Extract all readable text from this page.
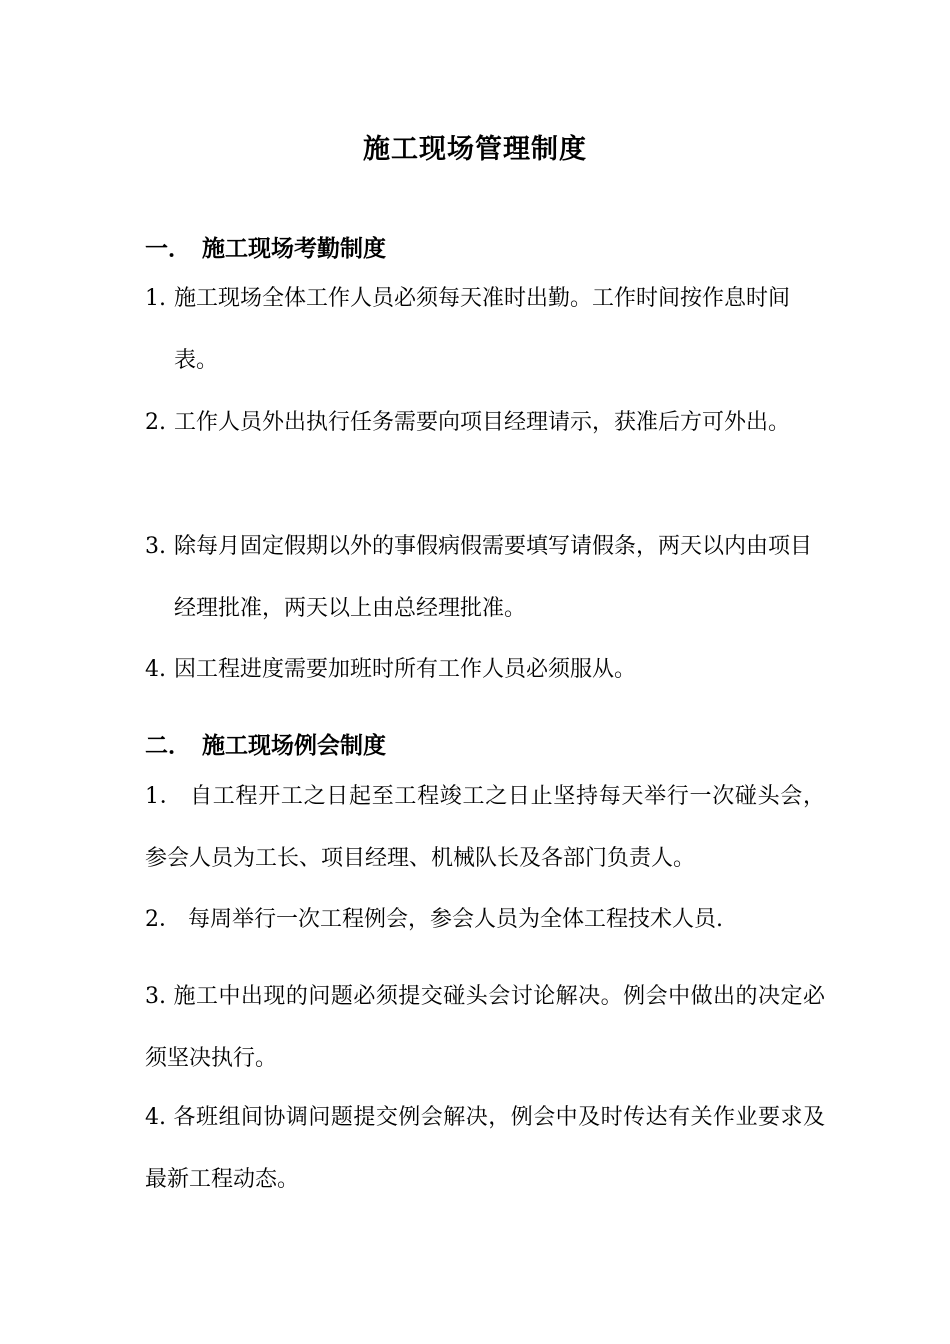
施工现场管理制度
一． 施工现场考勤制度
1. 施工现场全体工作人员必须每天准时出勤。工作时间按作息时间表。
2. 工作人员外出执行任务需要向项目经理请示，获准后方可外出。
3. 除每月固定假期以外的事假病假需要填写请假条，两天以内由项目经理批准，两天以上由总经理批准。
4. 因工程进度需要加班时所有工作人员必须服从。
二． 施工现场例会制度
1． 自工程开工之日起至工程竣工之日止坚持每天举行一次碰头会，参会人员为工长、项目经理、机械队长及各部门负责人。
2． 每周举行一次工程例会，参会人员为全体工程技术人员.
3. 施工中出现的问题必须提交碰头会讨论解决。例会中做出的决定必须坚决执行。
4. 各班组间协调问题提交例会解决，例会中及时传达有关作业要求及最新工程动态。
